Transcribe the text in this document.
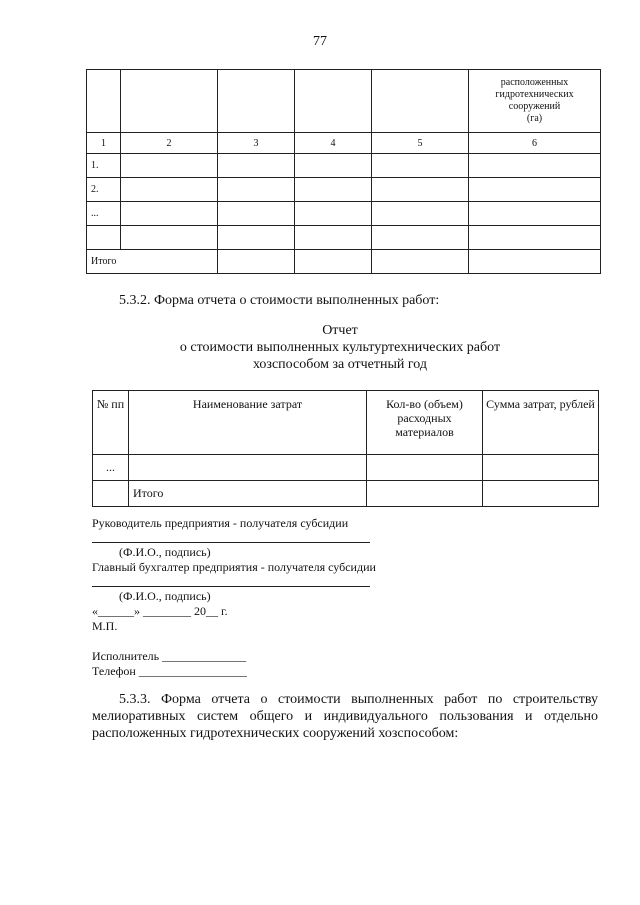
77

					расположенных
гидротехнических
сооружений
(га)

1	2	3	4	5	6
1.					
2.					
...					

Итого					
5.3.2. Форма отчета о стоимости выполненных работ:
Отчет
о стоимости выполненных культуртехнических работ
хозспособом за отчетный год
№ пп	Наименование затрат	Кол-во (объем) расходных материалов	Сумма затрат, рублей
...			
	Итого		
Руководитель предприятия - получателя субсидии
(Ф.И.О., подпись)
Главный бухгалтер предприятия - получателя субсидии
(Ф.И.О., подпись)
«______» ________ 20__ г.
М.П.
Исполнитель ______________
Телефон __________________
5.3.3. Форма отчета о стоимости выполненных работ по строительству мелиоративных систем общего и индивидуального пользования и отдельно расположенных гидротехнических сооружений хозспособом:
